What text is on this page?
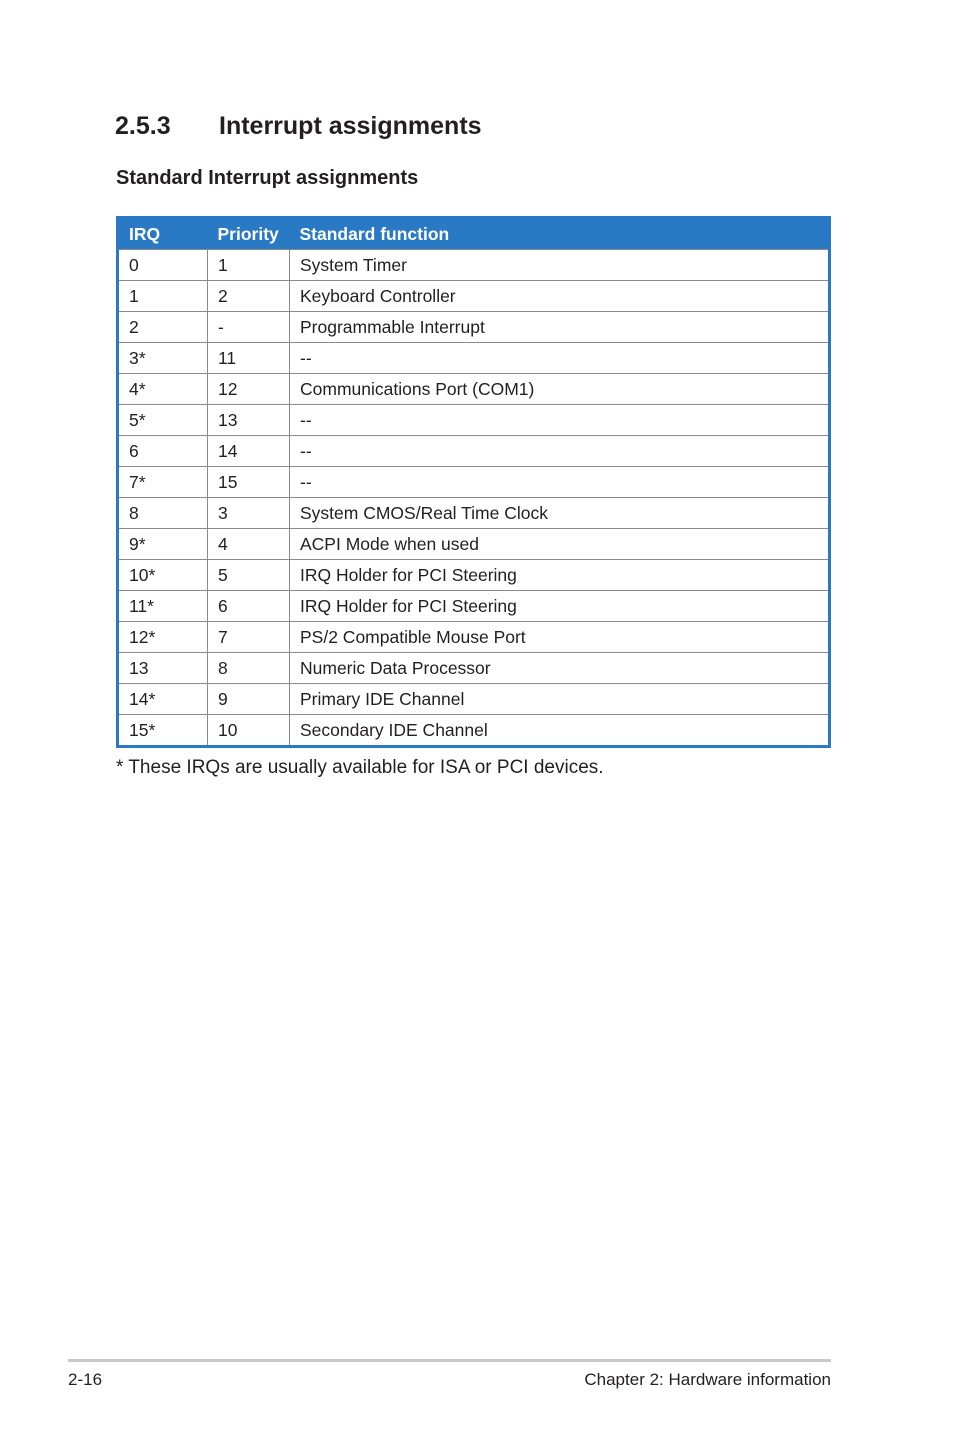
2.5.3 Interrupt assignments
Standard Interrupt assignments
IRQ	Priority	Standard function
0	1	System Timer
1	2	Keyboard Controller
2	-	Programmable Interrupt
3*	11	--
4*	12	Communications Port (COM1)
5*	13	--
6	14	--
7*	15	--
8	3	System CMOS/Real Time Clock
9*	4	ACPI Mode when used
10*	5	IRQ Holder for PCI Steering
11*	6	IRQ Holder for PCI Steering
12*	7	PS/2 Compatible Mouse Port
13	8	Numeric Data Processor
14*	9	Primary IDE Channel
15*	10	Secondary IDE Channel

* These IRQs are usually available for ISA or PCI devices.

2-16	Chapter 2: Hardware information
